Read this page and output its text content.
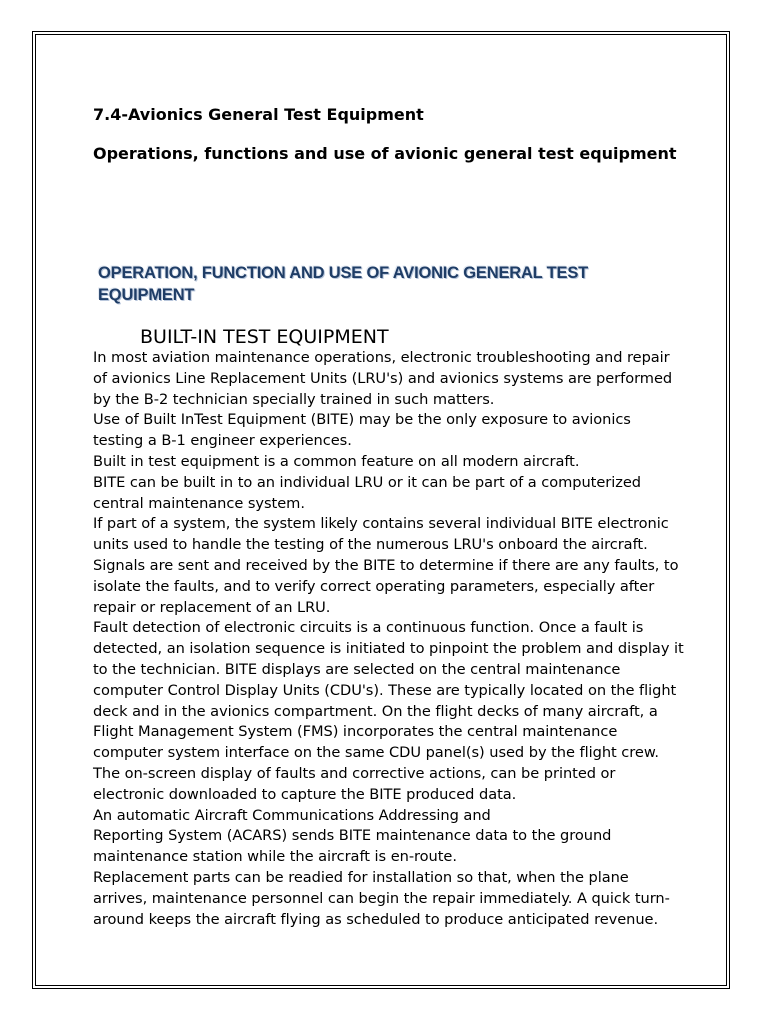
7.4-Avionics General Test Equipment

Operations, functions and use of avionic general test equipment

OPERATION, FUNCTION AND USE OF AVIONIC GENERAL TEST EQUIPMENT
BUILT-IN TEST EQUIPMENT

In most aviation maintenance operations, electronic troubleshooting and repair of avionics Line Replacement Units (LRU's) and avionics systems are performed by the B-2 technician specially trained in such matters.

Use of Built InTest Equipment (BITE) may be the only exposure to avionics testing a B-1 engineer experiences.

Built in test equipment is a common feature on all modern aircraft.

BITE can be built in to an individual LRU or it can be part of a computerized central maintenance system.

If part of a system, the system likely contains several individual BITE electronic units used to handle the testing of the numerous LRU's onboard the aircraft. Signals are sent and received by the BITE to determine if there are any faults, to isolate the faults, and to verify correct operating parameters, especially after repair or replacement of an LRU.

Fault detection of electronic circuits is a continuous function. Once a fault is detected, an isolation sequence is initiated to pinpoint the problem and display it to the technician. BITE displays are selected on the central maintenance computer Control Display Units (CDU's). These are typically located on the flight deck and in the avionics compartment. On the flight decks of many aircraft, a Flight Management System (FMS) incorporates the central maintenance computer system interface on the same CDU panel(s) used by the flight crew. The on-screen display of faults and corrective actions, can be printed or electronic downloaded to capture the BITE produced data.

An automatic Aircraft Communications Addressing and

Reporting System (ACARS) sends BITE maintenance data to the ground maintenance station while the aircraft is en-route.

Replacement parts can be readied for installation so that, when the plane arrives, maintenance personnel can begin the repair immediately. A quick turn-around keeps the aircraft flying as scheduled to produce anticipated revenue.
